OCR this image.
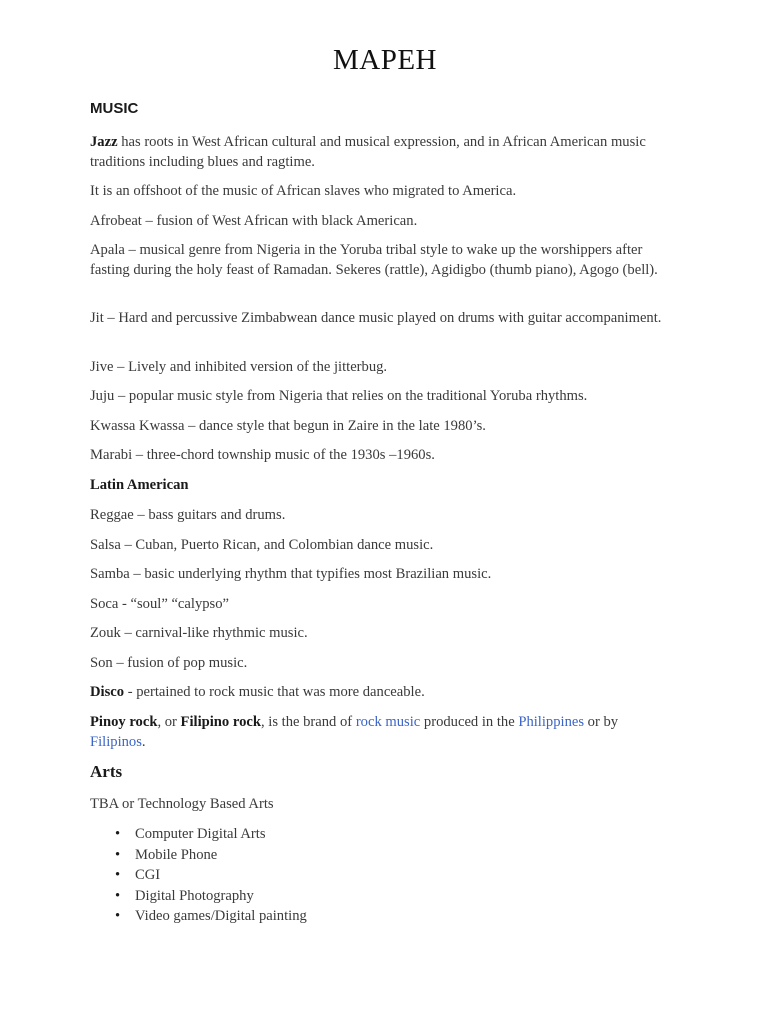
MAPEH
MUSIC

Jazz has roots in West African cultural and musical expression, and in African American music traditions including blues and ragtime.

It is an offshoot of the music of African slaves who migrated to America.

Afrobeat – fusion of West African with black American.

Apala – musical genre from Nigeria in the Yoruba tribal style to wake up the worshippers after fasting during the holy feast of Ramadan. Sekeres (rattle), Agidigbo (thumb piano), Agogo (bell).

Jit – Hard and percussive Zimbabwean dance music played on drums with guitar accompaniment.

Jive – Lively and inhibited version of the jitterbug.

Juju – popular music style from Nigeria that relies on the traditional Yoruba rhythms.

Kwassa Kwassa – dance style that begun in Zaire in the late 1980’s.

Marabi – three-chord township music of the 1930s –1960s.

Latin American

Reggae – bass guitars and drums.

Salsa – Cuban, Puerto Rican, and Colombian dance music.

Samba – basic underlying rhythm that typifies most Brazilian music.

Soca - “soul” “calypso”

Zouk – carnival-like rhythmic music.

Son – fusion of pop music.

Disco - pertained to rock music that was more danceable.

Pinoy rock, or Filipino rock, is the brand of rock music produced in the Philippines or by
Filipinos.

Arts

TBA or Technology Based Arts

• Computer Digital Arts
• Mobile Phone
• CGI
• Digital Photography
• Video games/Digital painting
